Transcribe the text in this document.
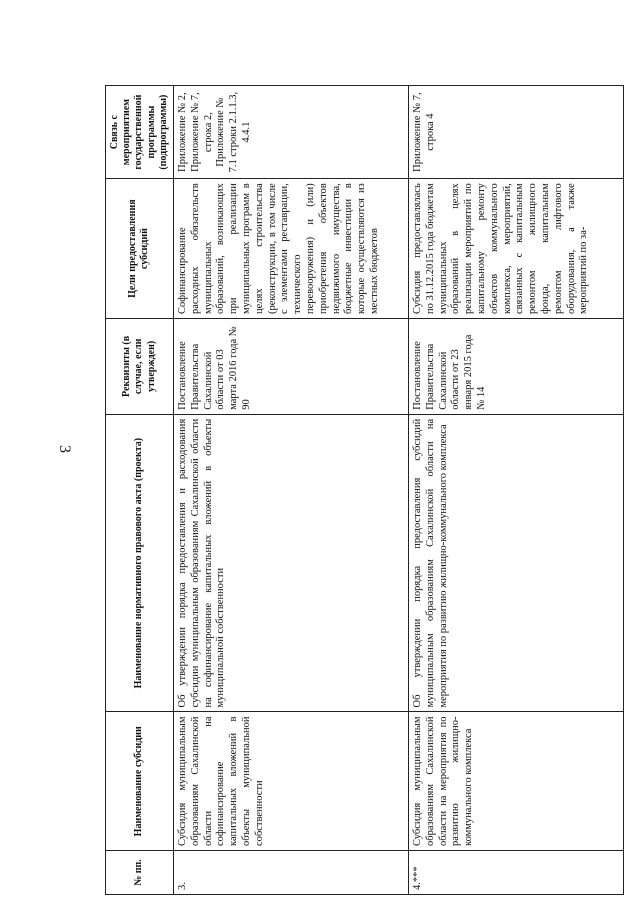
3
№ пп.	Наименование субсидии	Наименование нормативного правового акта (проекта)	Реквизиты (в случае, если утвержден)	Цели предоставления субсидий	Связь с мероприятием государственной программы (подпрограммы)
3.	Субсидия муниципальным образованиям Сахалинской области на софинансирование капитальных вложений в объекты муниципальной собственности	Об утверждении порядка предоставления и расходования субсидии муниципальным образованиям Сахалинской области на софинансирование капитальных вложений в объекты муниципальной собственности	Постановление Правительства Сахалинской области от 03 марта 2016 года № 90	Софинансирование расходных обязательств муниципальных образований, возникающих при реализации муниципальных программ в целях строительства (реконструкции, в том числе с элементами реставрации, технического перевооружения) и (или) приобретения объектов недвижимого имущества, бюджетные инвестиции в которые осуществляются из местных бюджетов	Приложение № 2, Приложение № 7, строка 2, Приложение № 7.1 строки 2.1.1.3, 4.4.1
4.***	Субсидия муниципальным образованиям Сахалинской области на мероприятия по развитию жилищно-коммунального комплекса	Об утверждении порядка предоставления субсидий муниципальным образованиям Сахалинской области на мероприятия по развитию жилищно-коммунального комплекса	Постановление Правительства Сахалинской области от 23 января 2015 года № 14	Субсидия предоставлялась по 31.12.2015 года бюджетам муниципальных образований в целях реализации мероприятий по капитальному ремонту объектов коммунального комплекса, мероприятий, связанных с капитальным ремонтом жилищного фонда, капитальным ремонтом лифтового оборудования, а также мероприятий по за-	Приложение № 7, строка 4
